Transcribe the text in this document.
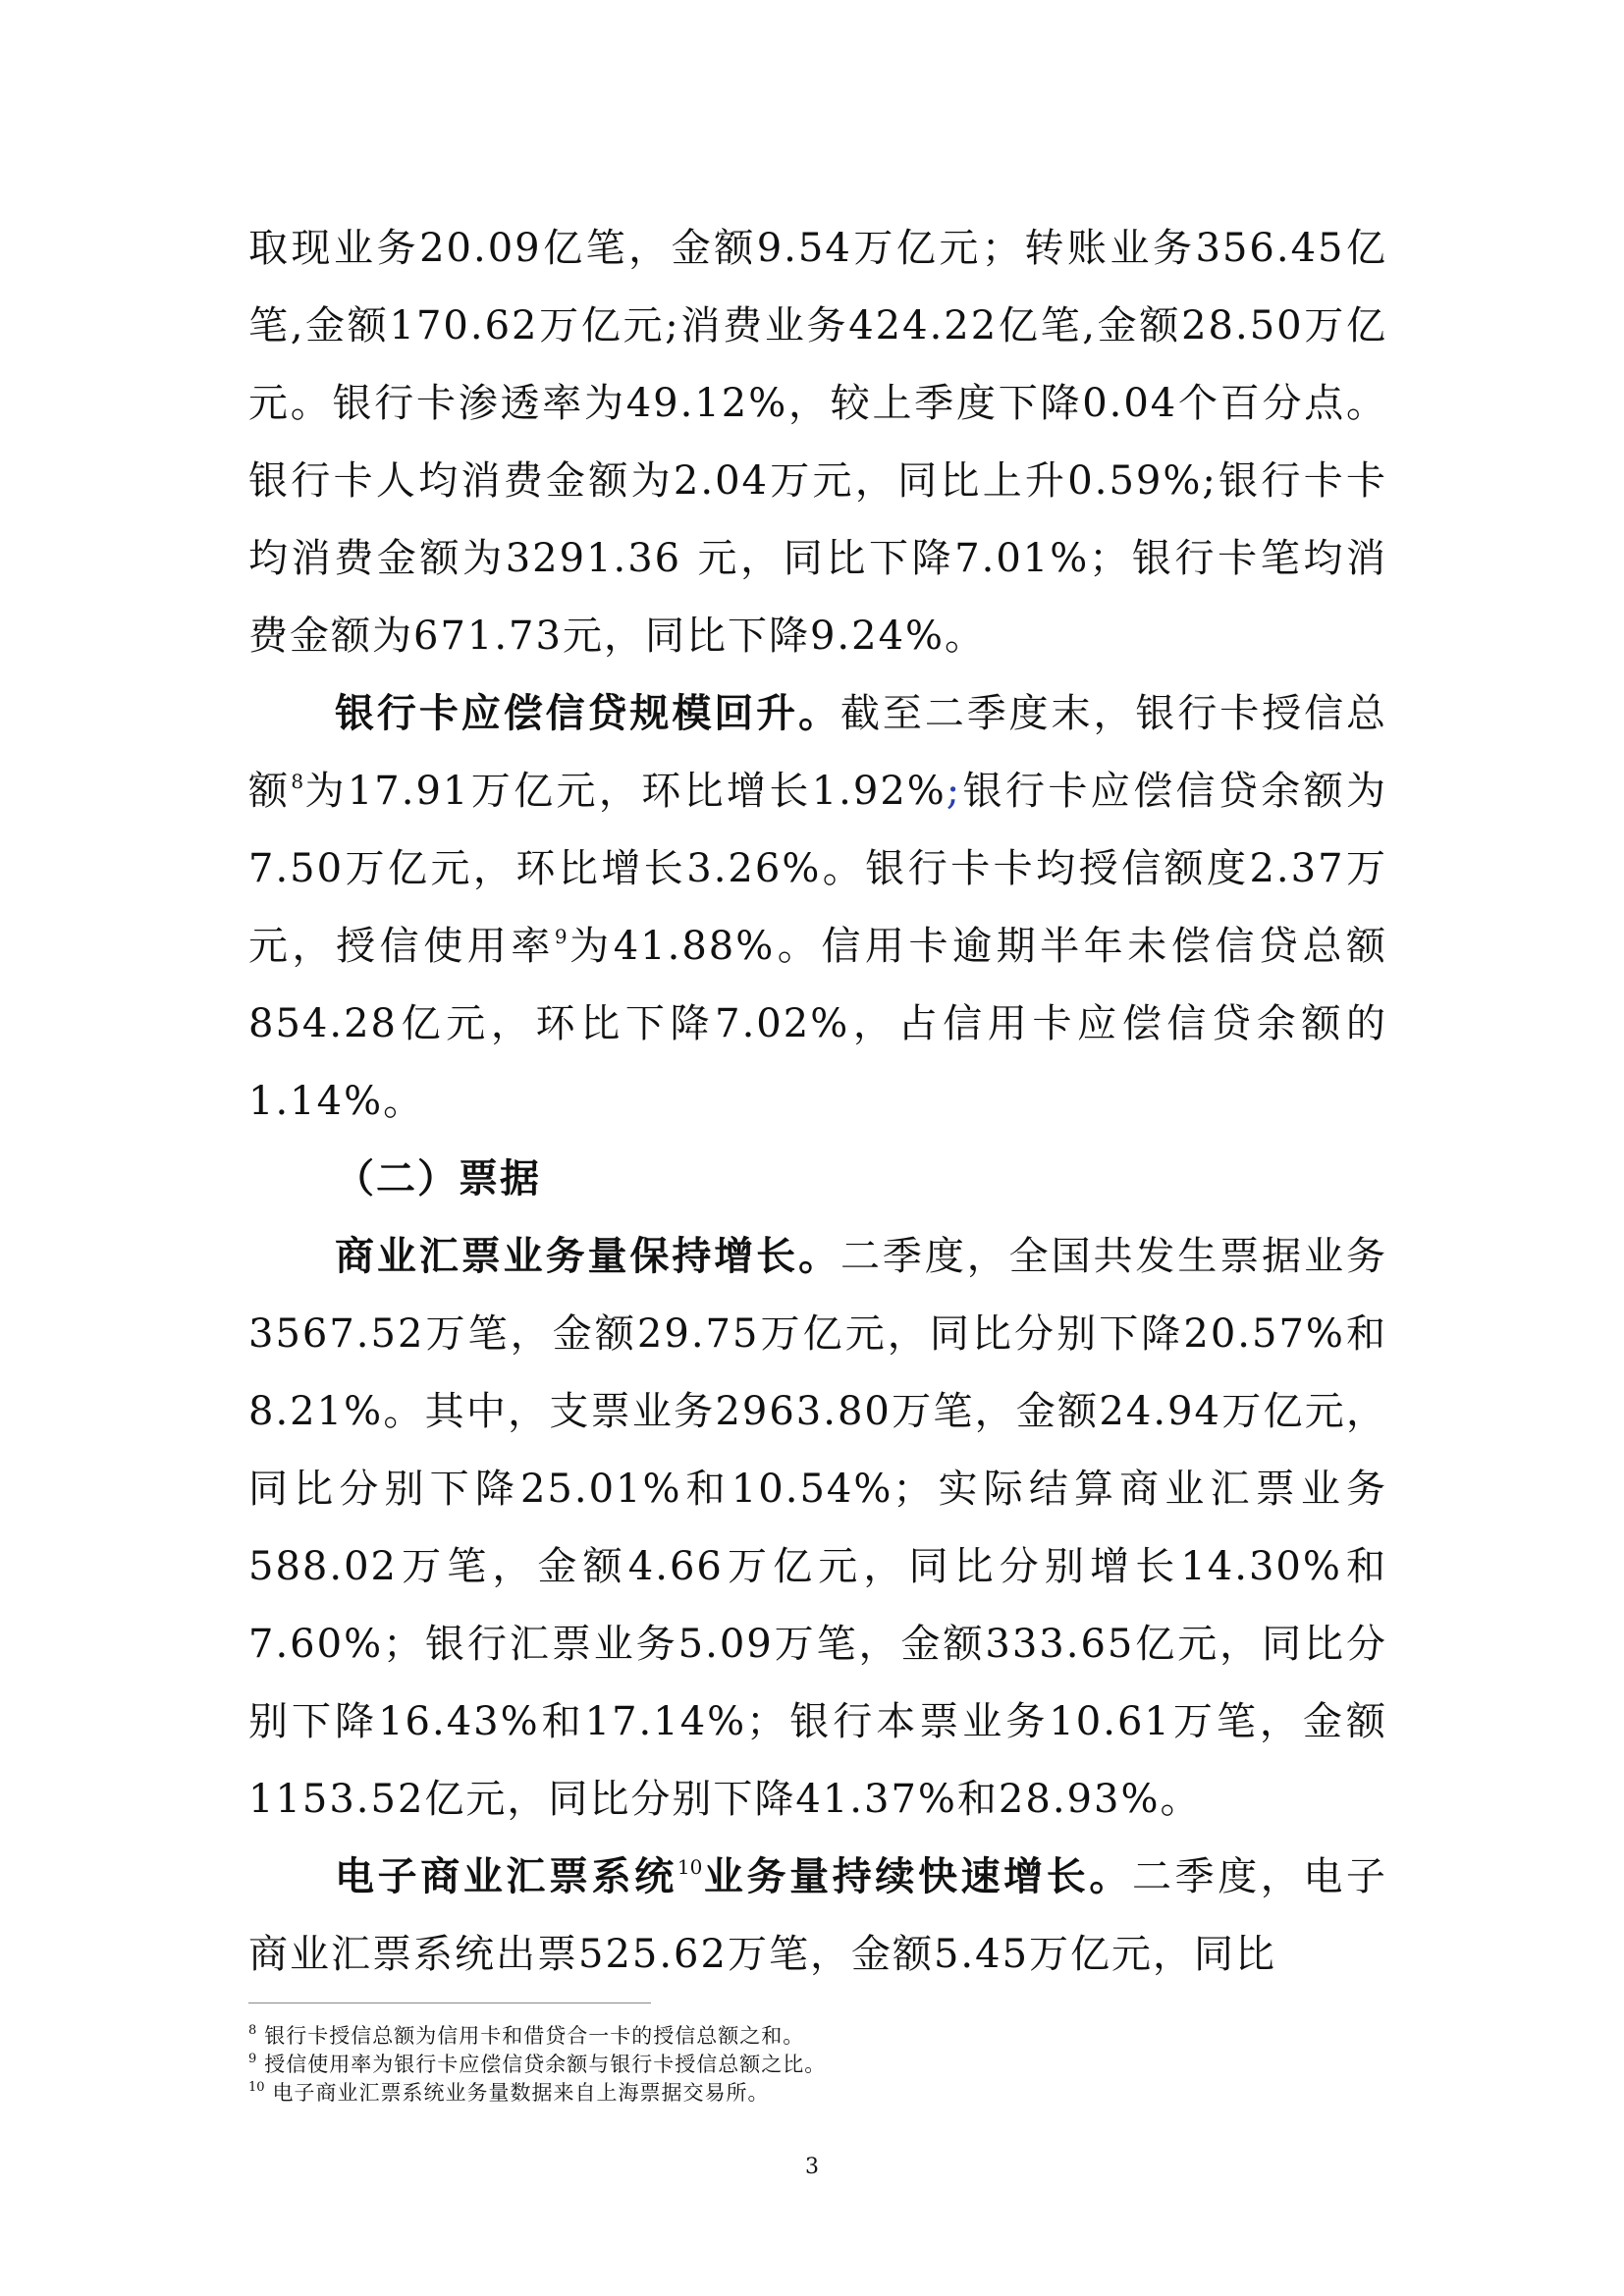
取现业务20.09亿笔，金额9.54万亿元；转账业务356.45亿笔,金额170.62万亿元;消费业务424.22亿笔,金额28.50万亿元。银行卡渗透率为49.12%，较上季度下降0.04个百分点。银行卡人均消费金额为2.04万元，同比上升0.59%;银行卡卡均消费金额为3291.36 元，同比下降7.01%；银行卡笔均消费金额为671.73元，同比下降9.24%。

银行卡应偿信贷规模回升。截至二季度末，银行卡授信总额$^8$为17.91万亿元，环比增长1.92%;银行卡应偿信贷余额为7.50万亿元，环比增长3.26%。银行卡卡均授信额度2.37万元，授信使用率$^9$为41.88%。信用卡逾期半年未偿信贷总额854.28亿元，环比下降7.02%，占信用卡应偿信贷余额的1.14%。

（二）票据

商业汇票业务量保持增长。二季度，全国共发生票据业务3567.52万笔，金额29.75万亿元，同比分别下降20.57%和8.21%。其中，支票业务2963.80万笔，金额24.94万亿元，同比分别下降25.01%和10.54%；实际结算商业汇票业务588.02万笔，金额4.66万亿元，同比分别增长14.30%和7.60%；银行汇票业务5.09万笔，金额333.65亿元，同比分别下降16.43%和17.14%；银行本票业务10.61万笔，金额1153.52亿元，同比分别下降41.37%和28.93%。

电子商业汇票系统$^{10}$业务量持续快速增长。二季度，电子商业汇票系统出票525.62万笔，金额5.45万亿元，同比

$^8$ 银行卡授信总额为信用卡和借贷合一卡的授信总额之和。

$^9$ 授信使用率为银行卡应偿信贷余额与银行卡授信总额之比。

$^{10}$ 电子商业汇票系统业务量数据来自上海票据交易所。

3
